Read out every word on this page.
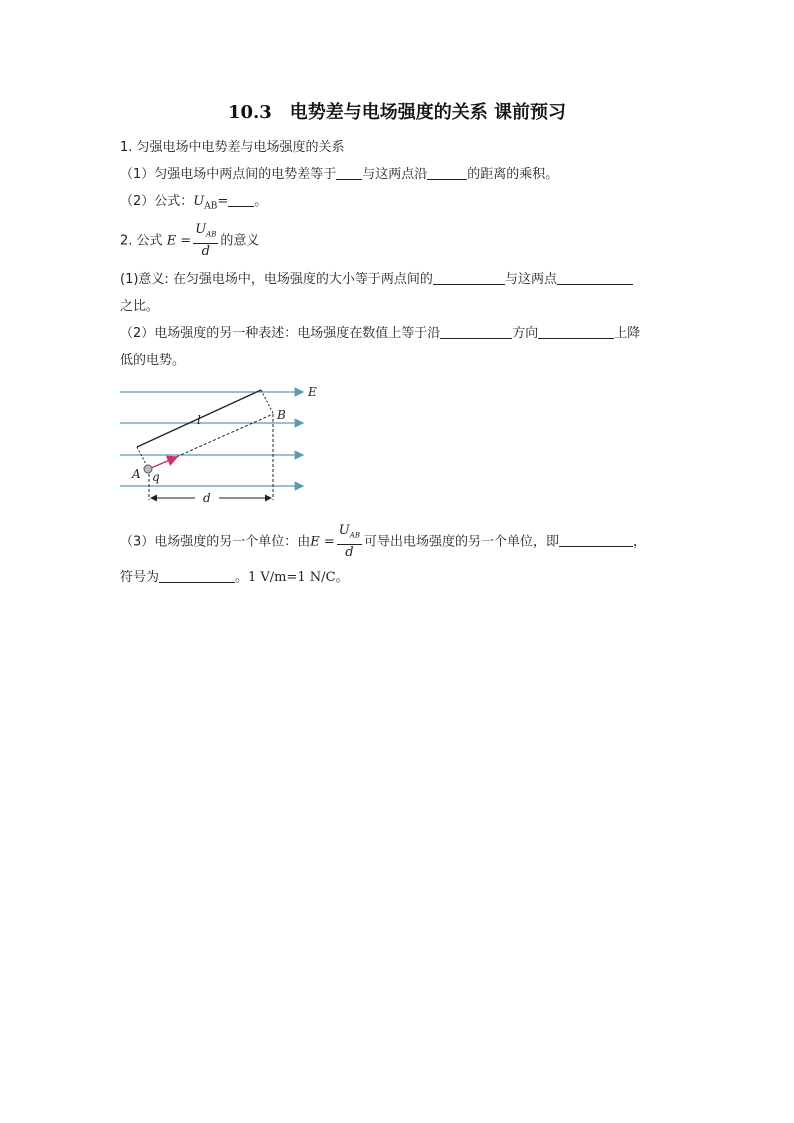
10.3 电势差与电场强度的关系 课前预习
1. 匀强电场中电势差与电场强度的关系
（1）匀强电场中两点间的电势差等于 与这两点沿	的距离的乘积。
（2）公式：$U_{AB}=$ 。
2. 公式 $E = \frac{U_{AB}}{d}$ 的意义
(1)意义: 在匀强电场中，电场强度的大小等于两点间的	与这两点
之比。
（2）电场强度的另一种表述：电场强度在数值上等于沿	方向	上降
低的电势。
E
l
A q
B
d
（3）电场强度的另一个单位：由$E = \frac{U_{AB}}{d}$ 可导出电场强度的另一个单位，即	，
符号为	。1 V/m=1 N/C。
